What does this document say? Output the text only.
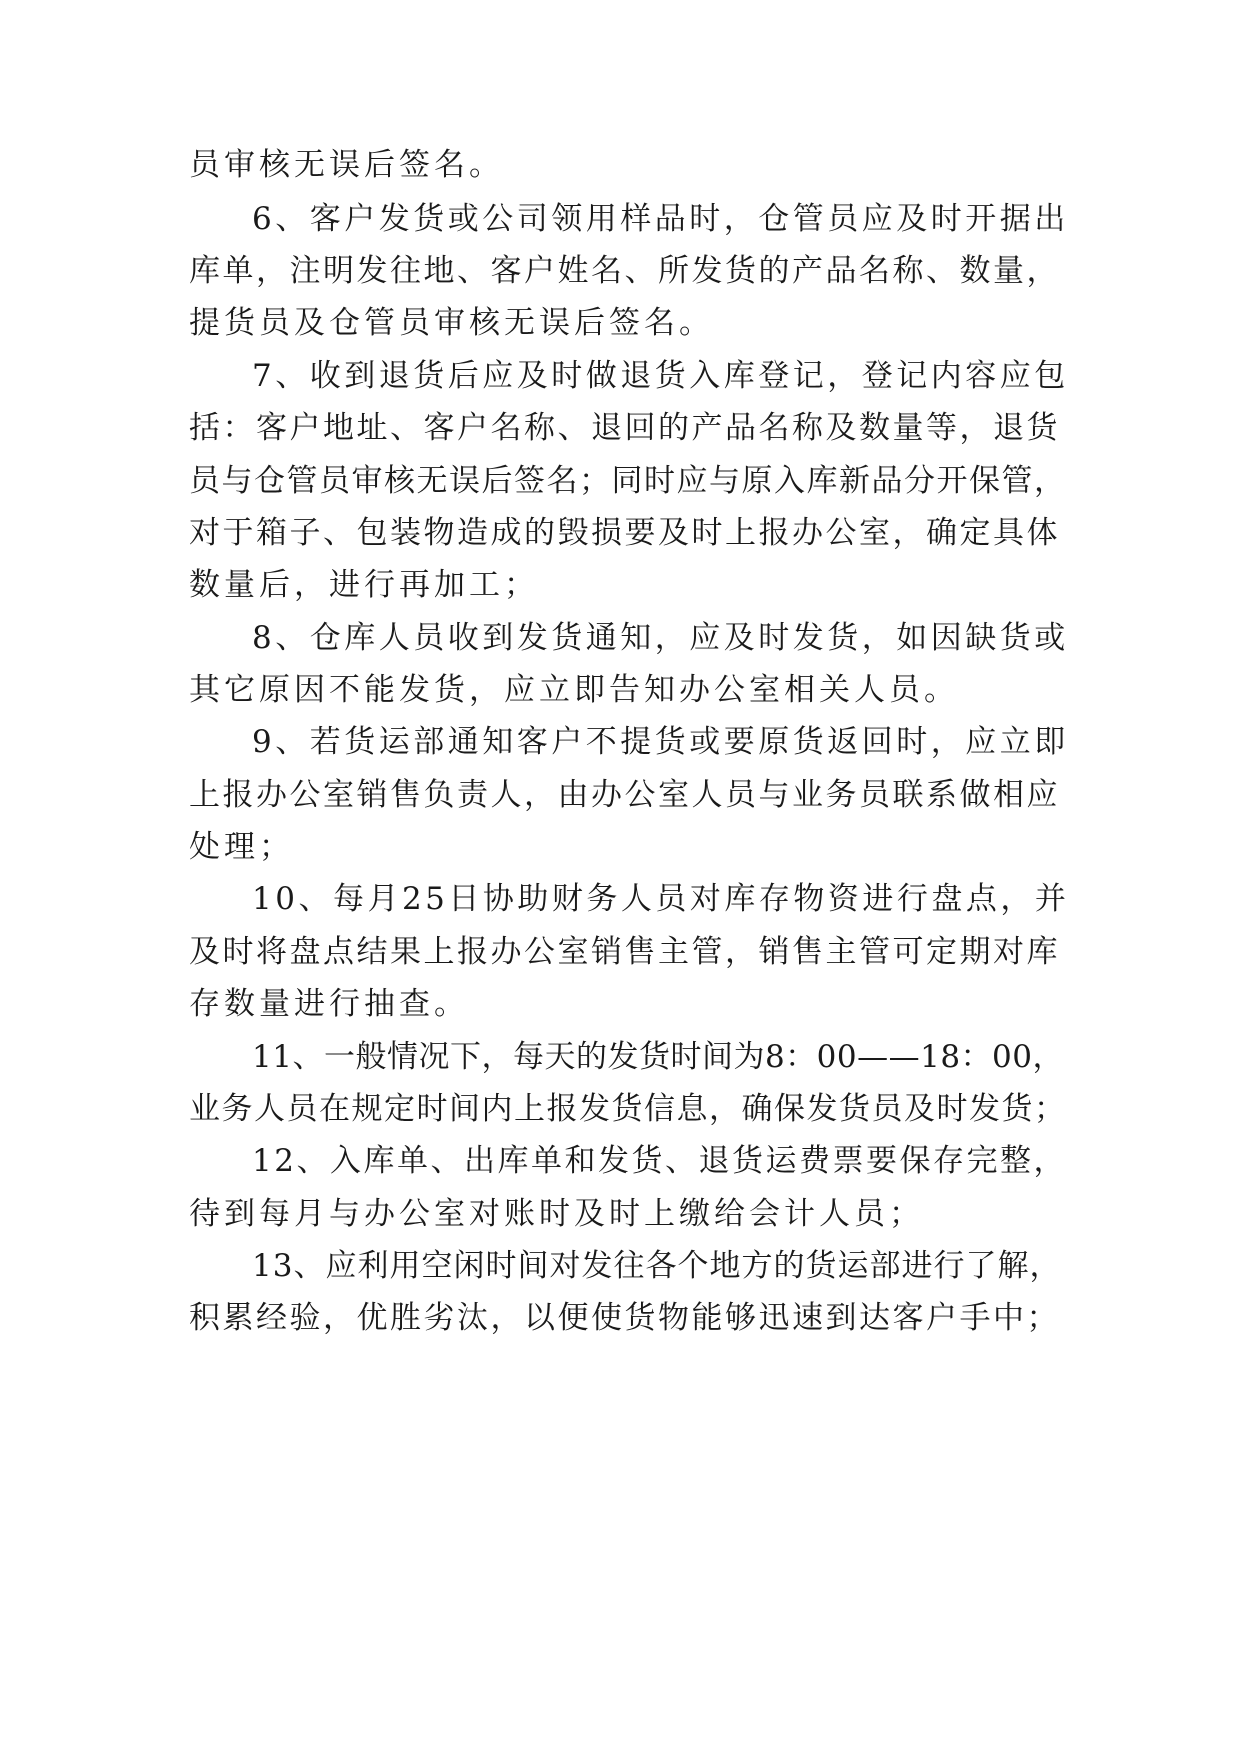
员审核无误后签名。
6、客户发货或公司领用样品时，仓管员应及时开据出
库单，注明发往地、客户姓名、所发货的产品名称、数量，
提货员及仓管员审核无误后签名。
7、收到退货后应及时做退货入库登记，登记内容应包
括：客户地址、客户名称、退回的产品名称及数量等，退货
员与仓管员审核无误后签名；同时应与原入库新品分开保管，
对于箱子、包装物造成的毁损要及时上报办公室，确定具体
数量后，进行再加工；
8、仓库人员收到发货通知，应及时发货，如因缺货或
其它原因不能发货，应立即告知办公室相关人员。
9、若货运部通知客户不提货或要原货返回时，应立即
上报办公室销售负责人，由办公室人员与业务员联系做相应
处理；
10、每月25日协助财务人员对库存物资进行盘点，并
及时将盘点结果上报办公室销售主管，销售主管可定期对库
存数量进行抽查。
11、一般情况下，每天的发货时间为8：00——18：00，
业务人员在规定时间内上报发货信息，确保发货员及时发货；
12、入库单、出库单和发货、退货运费票要保存完整，
待到每月与办公室对账时及时上缴给会计人员；
13、应利用空闲时间对发往各个地方的货运部进行了解，
积累经验，优胜劣汰，以便使货物能够迅速到达客户手中；
